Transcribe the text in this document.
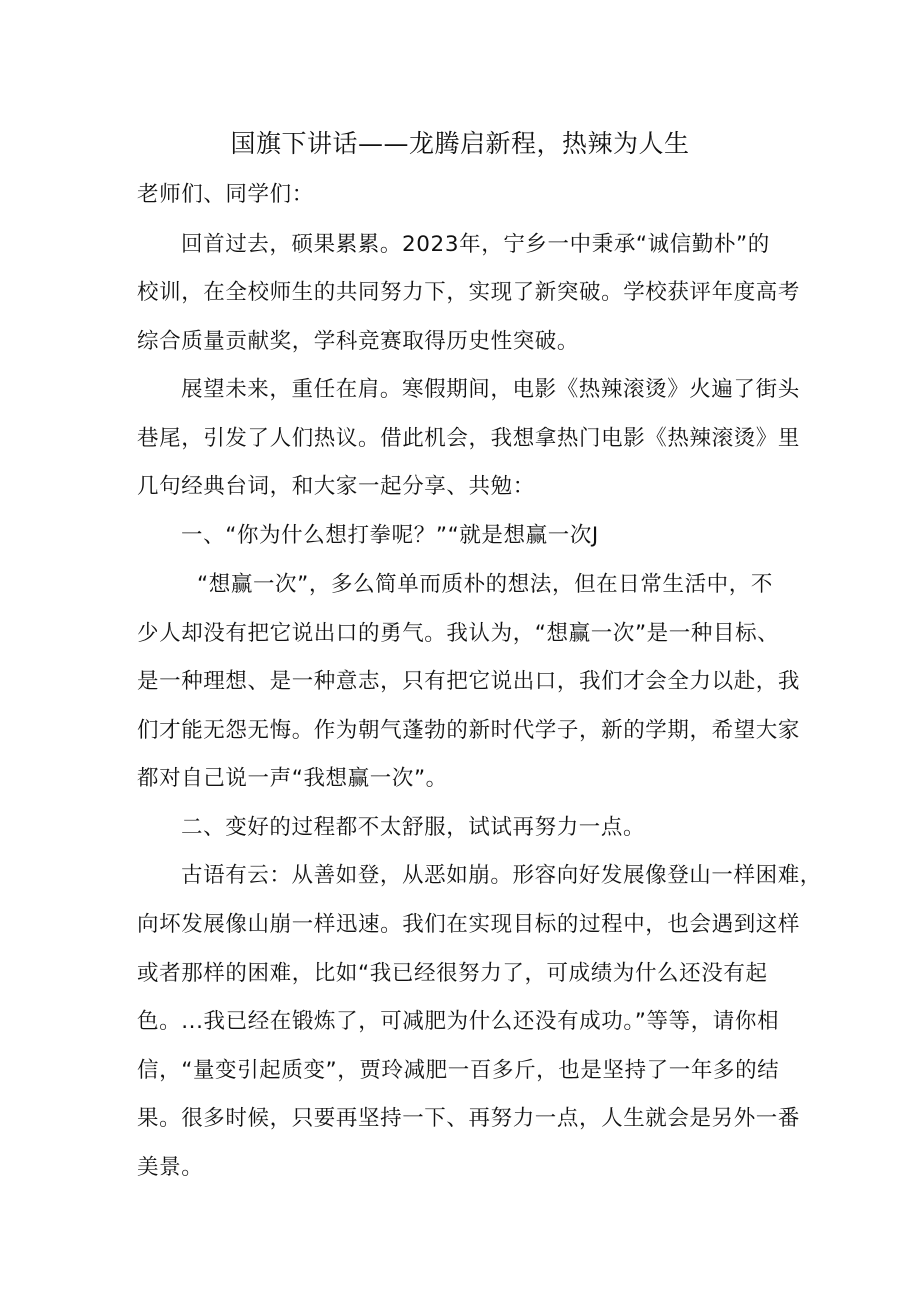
国旗下讲话——龙腾启新程，热辣为人生
老师们、同学们：
回首过去，硕果累累。2023年，宁乡一中秉承“诚信勤朴”的
校训，在全校师生的共同努力下，实现了新突破。学校获评年度高考
综合质量贡献奖，学科竞赛取得历史性突破。
展望未来，重任在肩。寒假期间，电影《热辣滚烫》火遍了街头
巷尾，引发了人们热议。借此机会，我想拿热门电影《热辣滚烫》里
几句经典台词，和大家一起分享、共勉：
一、“你为什么想打拳呢？”“就是想赢一次J
“想赢一次”，多么简单而质朴的想法，但在日常生活中，不
少人却没有把它说出口的勇气。我认为，“想赢一次”是一种目标、
是一种理想、是一种意志，只有把它说出口，我们才会全力以赴，我
们才能无怨无悔。作为朝气蓬勃的新时代学子，新的学期，希望大家
都对自己说一声“我想赢一次”。
二、变好的过程都不太舒服，试试再努力一点。
古语有云：从善如登，从恶如崩。形容向好发展像登山一样困难，
向坏发展像山崩一样迅速。我们在实现目标的过程中，也会遇到这样
或者那样的困难，比如“我已经很努力了，可成绩为什么还没有起
色。...我已经在锻炼了，可减肥为什么还没有成功。”等等，请你相
信，“量变引起质变”，贾玲减肥一百多斤，也是坚持了一年多的结
果。很多时候，只要再坚持一下、再努力一点，人生就会是另外一番
美景。
